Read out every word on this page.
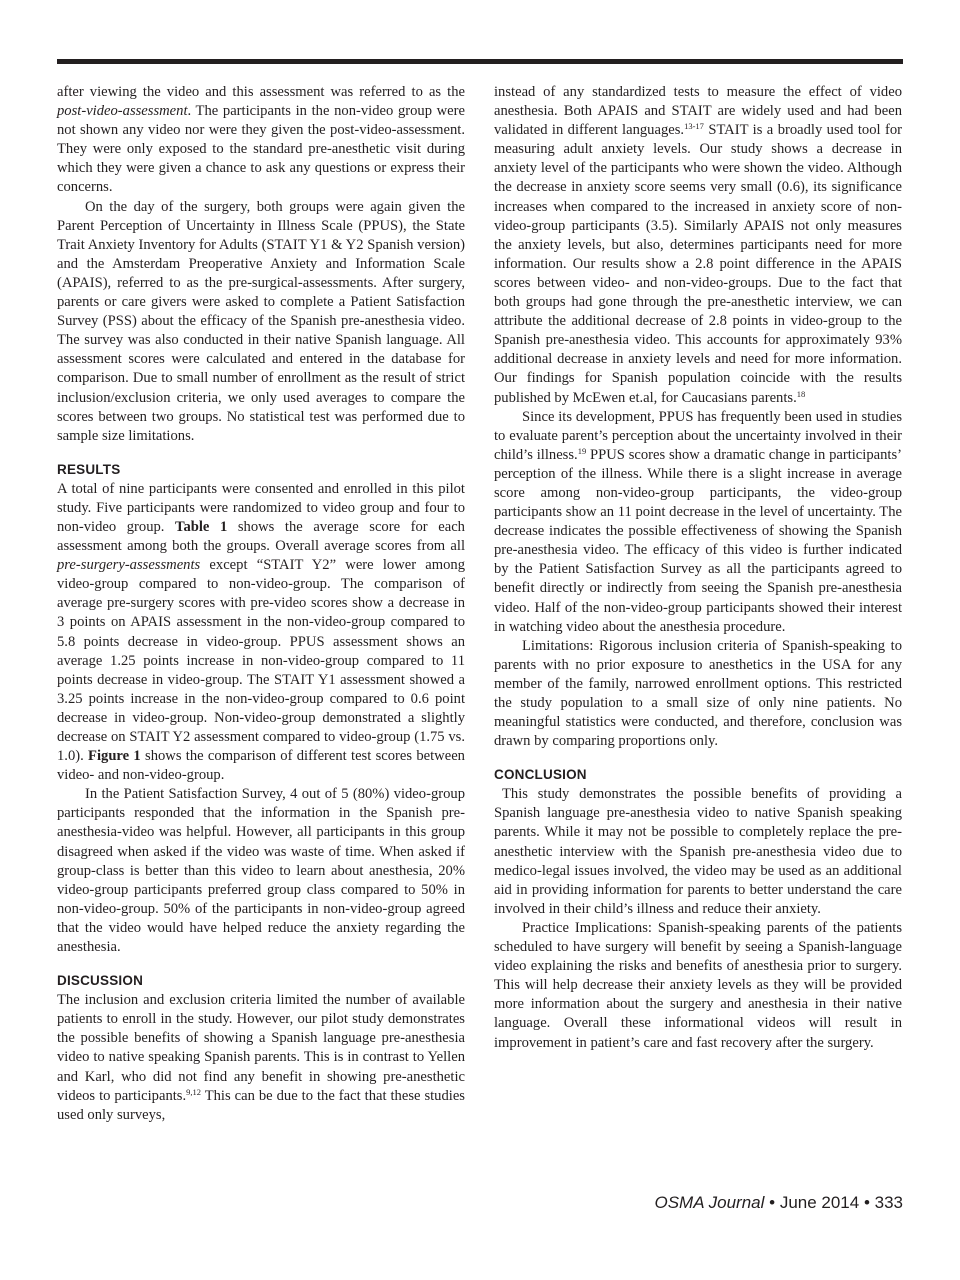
after viewing the video and this assessment was referred to as the post-video-assessment. The participants in the non-video group were not shown any video nor were they given the post-video-assessment. They were only exposed to the standard pre-anesthetic visit during which they were given a chance to ask any questions or express their concerns.

On the day of the surgery, both groups were again given the Parent Perception of Uncertainty in Illness Scale (PPUS), the State Trait Anxiety Inventory for Adults (STAIT Y1 & Y2 Spanish version) and the Amsterdam Preoperative Anxiety and Information Scale (APAIS), referred to as the pre-surgical-assessments. After surgery, parents or care givers were asked to complete a Patient Satisfaction Survey (PSS) about the efficacy of the Spanish pre-anesthesia video. The survey was also conducted in their native Spanish language. All assessment scores were calculated and entered in the database for comparison. Due to small number of enrollment as the result of strict inclusion/exclusion criteria, we only used averages to compare the scores between two groups. No statistical test was performed due to sample size limitations.

RESULTS

A total of nine participants were consented and enrolled in this pilot study. Five participants were randomized to video group and four to non-video group. Table 1 shows the average score for each assessment among both the groups. Overall average scores from all pre-surgery-assessments except “STAIT Y2” were lower among video-group compared to non-video-group. The comparison of average pre-surgery scores with pre-video scores show a decrease in 3 points on APAIS assessment in the non-video-group compared to 5.8 points decrease in video-group. PPUS assessment shows an average 1.25 points increase in non-video-group compared to 11 points decrease in video-group. The STAIT Y1 assessment showed a 3.25 points increase in the non-video-group compared to 0.6 point decrease in video-group. Non-video-group demonstrated a slightly decrease on STAIT Y2 assessment compared to video-group (1.75 vs. 1.0). Figure 1 shows the comparison of different test scores between video- and non-video-group.

In the Patient Satisfaction Survey, 4 out of 5 (80%) video-group participants responded that the information in the Spanish pre-anesthesia-video was helpful. However, all participants in this group disagreed when asked if the video was waste of time. When asked if group-class is better than this video to learn about anesthesia, 20% video-group participants preferred group class compared to 50% in non-video-group. 50% of the participants in non-video-group agreed that the video would have helped reduce the anxiety regarding the anesthesia.

DISCUSSION

The inclusion and exclusion criteria limited the number of available patients to enroll in the study. However, our pilot study demonstrates the possible benefits of showing a Spanish language pre-anesthesia video to native speaking Spanish parents. This is in contrast to Yellen and Karl, who did not find any benefit in showing pre-anesthetic videos to participants.$^{9,12}$ This can be due to the fact that these studies used only surveys,

instead of any standardized tests to measure the effect of video anesthesia. Both APAIS and STAIT are widely used and had been validated in different languages.$^{13-17}$ STAIT is a broadly used tool for measuring adult anxiety levels. Our study shows a decrease in anxiety level of the participants who were shown the video. Although the decrease in anxiety score seems very small (0.6), its significance increases when compared to the increased in anxiety score of non-video-group participants (3.5). Similarly APAIS not only measures the anxiety levels, but also, determines participants need for more information. Our results show a 2.8 point difference in the APAIS scores between video- and non-video-groups. Due to the fact that both groups had gone through the pre-anesthetic interview, we can attribute the additional decrease of 2.8 points in video-group to the Spanish pre-anesthesia video. This accounts for approximately 93% additional decrease in anxiety levels and need for more information. Our findings for Spanish population coincide with the results published by McEwen et.al, for Caucasians parents.$^{18}$

Since its development, PPUS has frequently been used in studies to evaluate parent’s perception about the uncertainty involved in their child’s illness.$^{19}$ PPUS scores show a dramatic change in participants’ perception of the illness. While there is a slight increase in average score among non-video-group participants, the video-group participants show an 11 point decrease in the level of uncertainty. The decrease indicates the possible effectiveness of showing the Spanish pre-anesthesia video. The efficacy of this video is further indicated by the Patient Satisfaction Survey as all the participants agreed to benefit directly or indirectly from seeing the Spanish pre-anesthesia video. Half of the non-video-group participants showed their interest in watching video about the anesthesia procedure.

Limitations: Rigorous inclusion criteria of Spanish-speaking to parents with no prior exposure to anesthetics in the USA for any member of the family, narrowed enrollment options. This restricted the study population to a small size of only nine patients. No meaningful statistics were conducted, and therefore, conclusion was drawn by comparing proportions only.

CONCLUSION

This study demonstrates the possible benefits of providing a Spanish language pre-anesthesia video to native Spanish speaking parents. While it may not be possible to completely replace the pre-anesthetic interview with the Spanish pre-anesthesia video due to medico-legal issues involved, the video may be used as an additional aid in providing information for parents to better understand the care involved in their child’s illness and reduce their anxiety.

Practice Implications: Spanish-speaking parents of the patients scheduled to have surgery will benefit by seeing a Spanish-language video explaining the risks and benefits of anesthesia prior to surgery. This will help decrease their anxiety levels as they will be provided more information about the surgery and anesthesia in their native language. Overall these informational videos will result in improvement in patient’s care and fast recovery after the surgery.

OSMA Journal • June 2014 • 333
